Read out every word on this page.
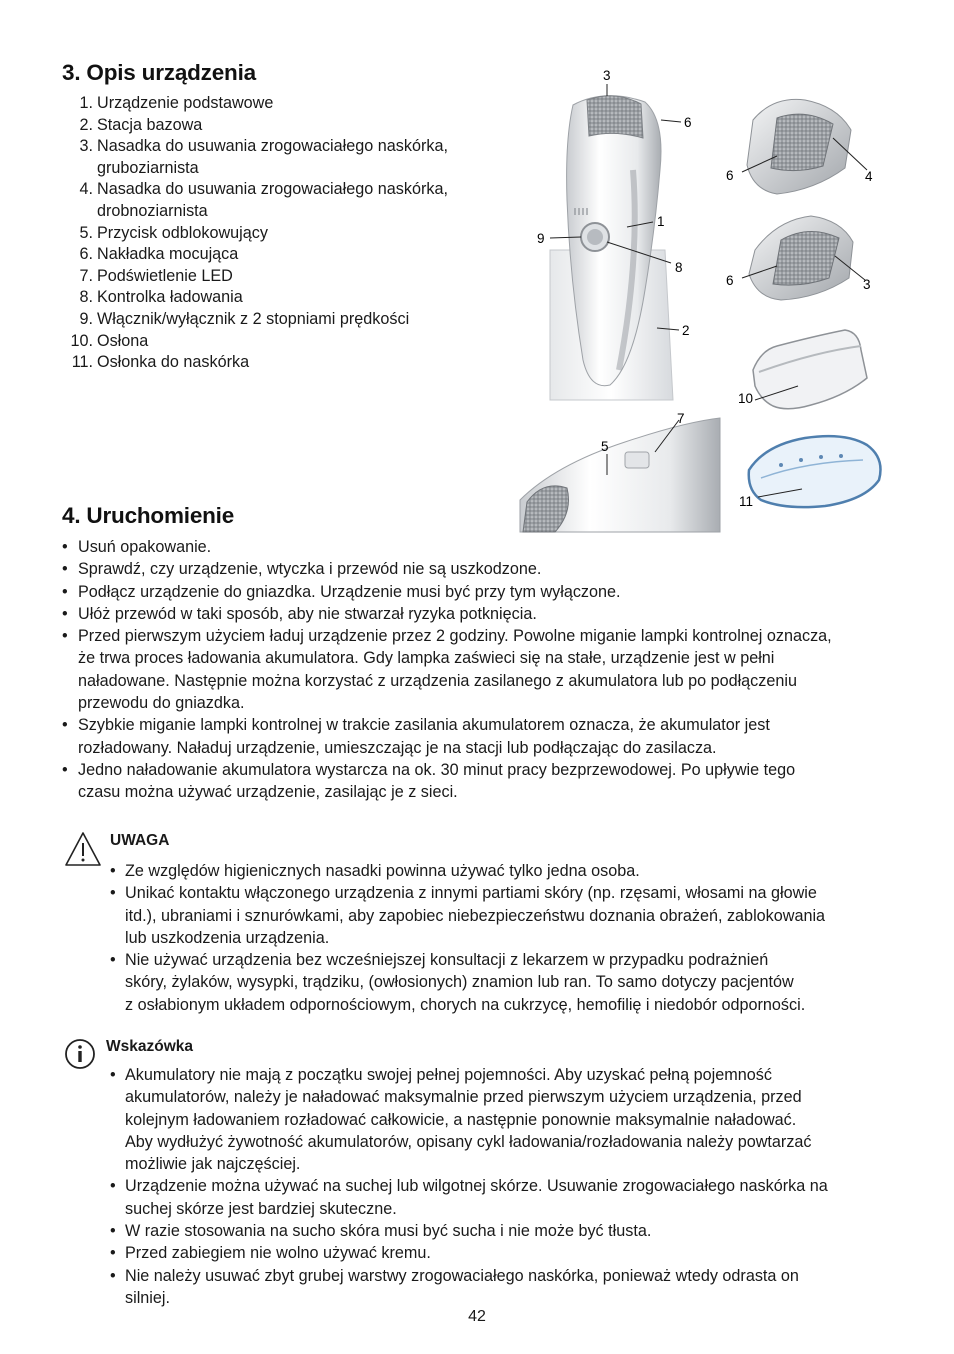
3. Opis urządzenia
1. Urządzenie podstawowe
2. Stacja bazowa
3. Nasadka do usuwania zrogowaciałego naskórka,
gruboziarnista
4. Nasadka do usuwania zrogowaciałego naskórka,
drobnoziarnista
5. Przycisk odblokowujący
6. Nakładka mocująca
7. Podświetlenie LED
8. Kontrolka ładowania
9. Włącznik/wyłącznik z 2 stopniami prędkości
10. Osłona
11. Osłonka do naskórka
3
6
1
9
8
2
6	4
6	3
10
7
5
11
4. Uruchomienie
• Usuń opakowanie.
• Sprawdź, czy urządzenie, wtyczka i przewód nie są uszkodzone.
• Podłącz urządzenie do gniazdka. Urządzenie musi być przy tym wyłączone.
• Ułóż przewód w taki sposób, aby nie stwarzał ryzyka potknięcia.
• Przed pierwszym użyciem ładuj urządzenie przez 2 godziny. Powolne miganie lampki kontrolnej oznacza,
że trwa proces ładowania akumulatora. Gdy lampka zaświeci się na stałe, urządzenie jest w pełni
naładowane. Następnie można korzystać z urządzenia zasilanego z akumulatora lub po podłączeniu
przewodu do gniazdka.
• Szybkie miganie lampki kontrolnej w trakcie zasilania akumulatorem oznacza, że akumulator jest
rozładowany. Naładuj urządzenie, umieszczając je na stacji lub podłączając do zasilacza.
• Jedno naładowanie akumulatora wystarcza na ok. 30 minut pracy bezprzewodowej. Po upływie tego
czasu można używać urządzenie, zasilając je z sieci.
UWAGA
• Ze względów higienicznych nasadki powinna używać tylko jedna osoba.
• Unikać kontaktu włączonego urządzenia z innymi partiami skóry (np. rzęsami, włosami na głowie
itd.), ubraniami i sznurówkami, aby zapobiec niebezpieczeństwu doznania obrażeń, zablokowania
lub uszkodzenia urządzenia.
• Nie używać urządzenia bez wcześniejszej konsultacji z lekarzem w przypadku podrażnień
skóry, żylaków, wysypki, trądziku, (owłosionych) znamion lub ran. To samo dotyczy pacjentów
z osłabionym układem odpornościowym, chorych na cukrzycę, hemofilię i niedobór odporności.
Wskazówka
• Akumulatory nie mają z początku swojej pełnej pojemności. Aby uzyskać pełną pojemność
akumulatorów, należy je naładować maksymalnie przed pierwszym użyciem urządzenia, przed
kolejnym ładowaniem rozładować całkowicie, a następnie ponownie maksymalnie naładować.
Aby wydłużyć żywotność akumulatorów, opisany cykl ładowania/rozładowania należy powtarzać
możliwie jak najczęściej.
• Urządzenie można używać na suchej lub wilgotnej skórze. Usuwanie zrogowaciałego naskórka na
suchej skórze jest bardziej skuteczne.
• W razie stosowania na sucho skóra musi być sucha i nie może być tłusta.
• Przed zabiegiem nie wolno używać kremu.
• Nie należy usuwać zbyt grubej warstwy zrogowaciałego naskórka, ponieważ wtedy odrasta on
silniej.
42
